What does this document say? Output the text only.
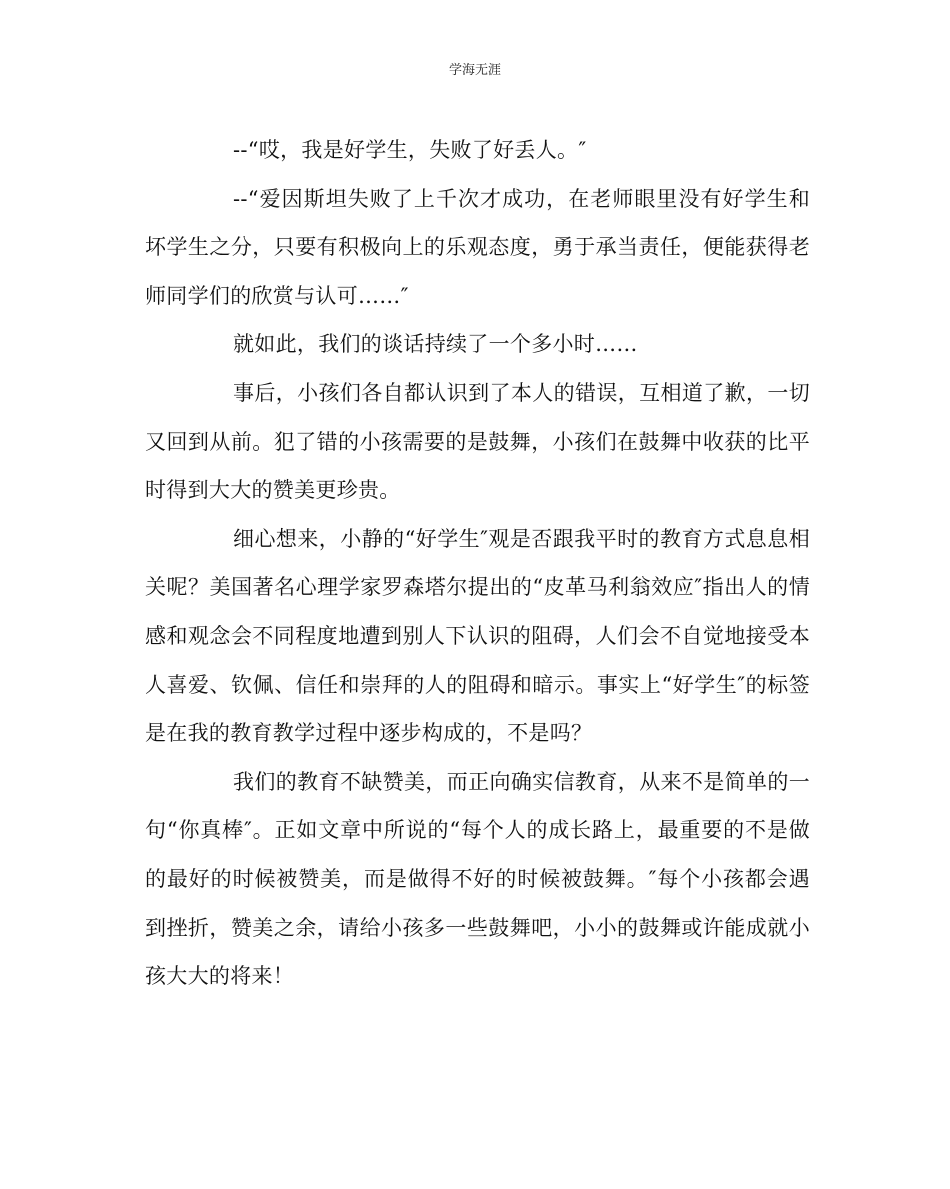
学海无涯

--“哎，我是好学生，失败了好丢人。″

--“爱因斯坦失败了上千次才成功，在老师眼里没有好学生和坏学生之分，只要有积极向上的乐观态度，勇于承当责任，便能获得老师同学们的欣赏与认可……″

就如此，我们的谈话持续了一个多小时……

事后，小孩们各自都认识到了本人的错误，互相道了歉，一切又回到从前。犯了错的小孩需要的是鼓舞，小孩们在鼓舞中收获的比平时得到大大的赞美更珍贵。

细心想来，小静的“好学生″观是否跟我平时的教育方式息息相关呢？美国著名心理学家罗森塔尔提出的“皮革马利翁效应″指出人的情感和观念会不同程度地遭到别人下认识的阻碍，人们会不自觉地接受本人喜爱、钦佩、信任和崇拜的人的阻碍和暗示。事实上“好学生″的标签是在我的教育教学过程中逐步构成的，不是吗？

我们的教育不缺赞美，而正向确实信教育，从来不是简单的一句“你真棒″。正如文章中所说的“每个人的成长路上，最重要的不是做的最好的时候被赞美，而是做得不好的时候被鼓舞。″每个小孩都会遇到挫折，赞美之余，请给小孩多一些鼓舞吧，小小的鼓舞或许能成就小孩大大的将来！
